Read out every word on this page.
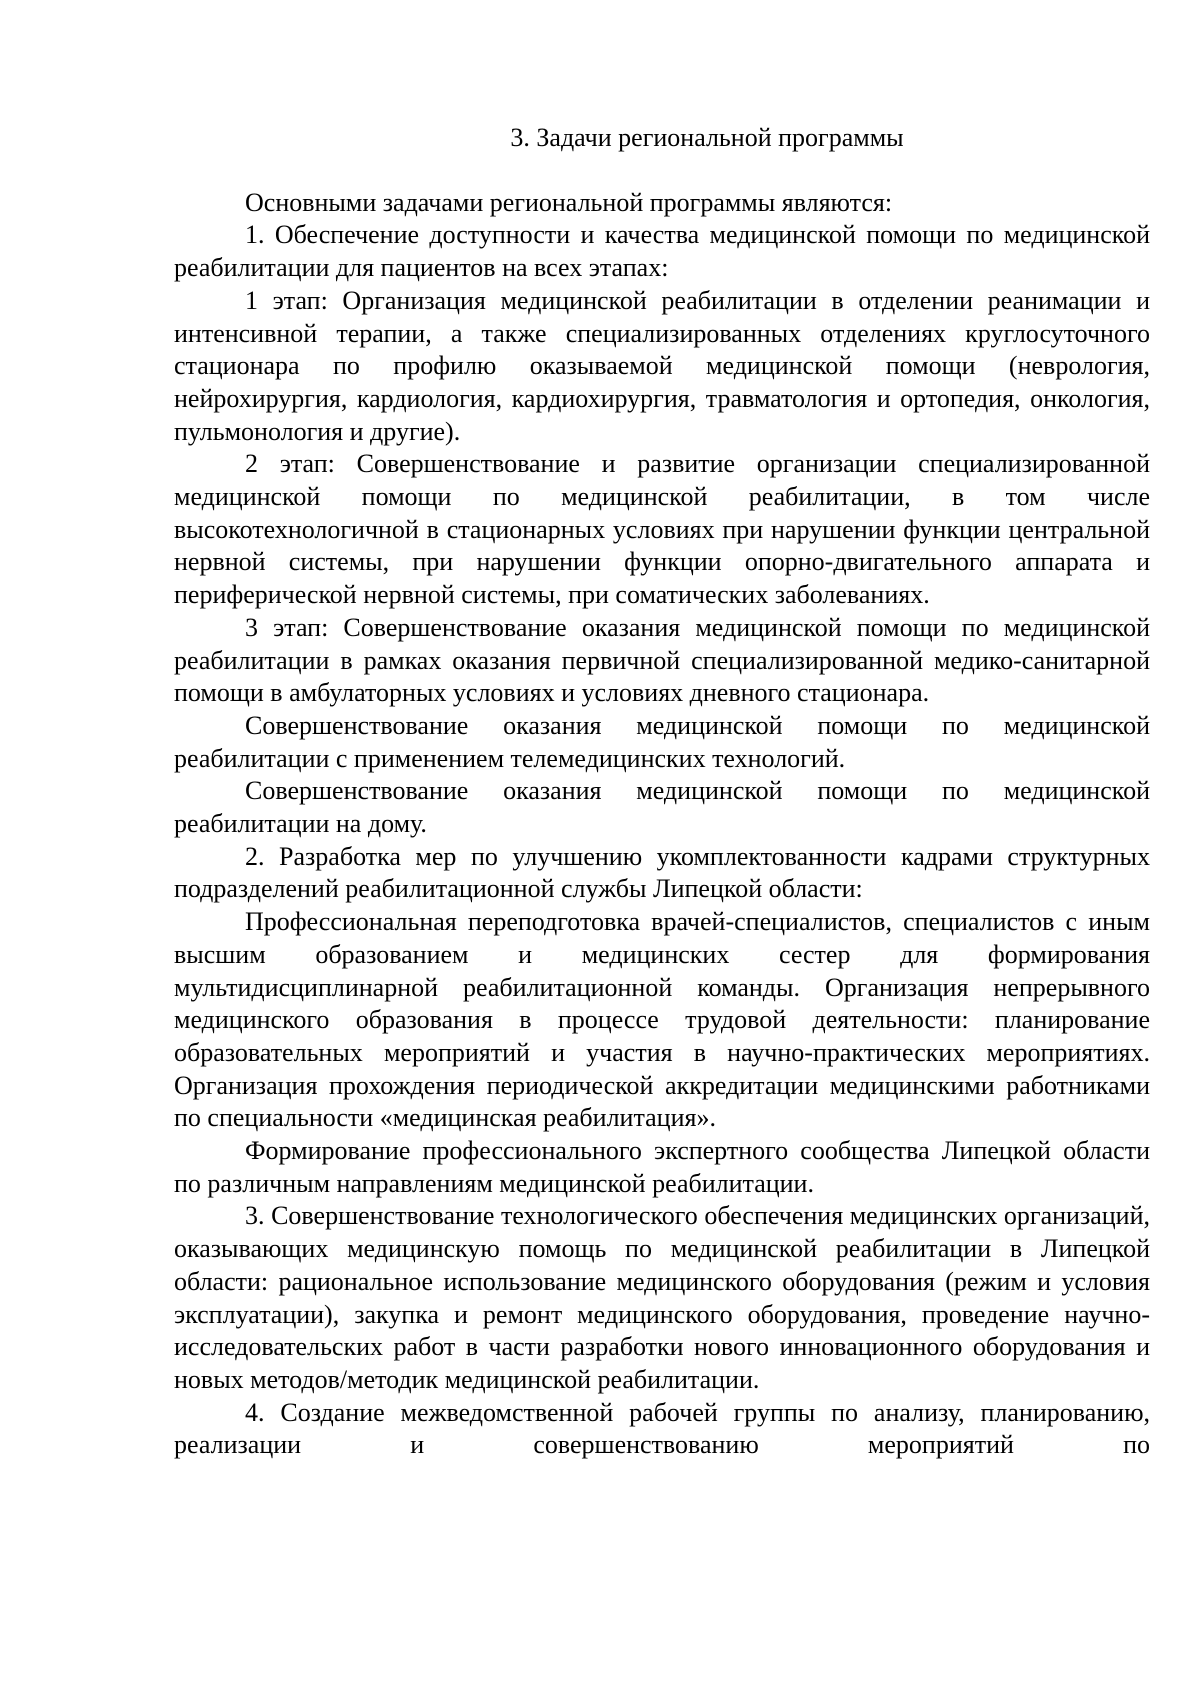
3. Задачи региональной программы

Основными задачами региональной программы являются:

1. Обеспечение доступности и качества медицинской помощи по медицинской реабилитации для пациентов на всех этапах:

1 этап: Организация медицинской реабилитации в отделении реанимации и интенсивной терапии, а также специализированных отделениях круглосуточного стационара по профилю оказываемой медицинской помощи (неврология, нейрохирургия, кардиология, кардиохирургия, травматология и ортопедия, онкология, пульмонология и другие).

2 этап: Совершенствование и развитие организации специализированной медицинской помощи по медицинской реабилитации, в том числе высокотехнологичной в стационарных условиях при нарушении функции центральной нервной системы, при нарушении функции опорно-двигательного аппарата и периферической нервной системы, при соматических заболеваниях.

3 этап: Совершенствование оказания медицинской помощи по медицинской реабилитации в рамках оказания первичной специализированной медико-санитарной помощи в амбулаторных условиях и условиях дневного стационара.

Совершенствование оказания медицинской помощи по медицинской реабилитации с применением телемедицинских технологий.

Совершенствование оказания медицинской помощи по медицинской реабилитации на дому.

2. Разработка мер по улучшению укомплектованности кадрами структурных подразделений реабилитационной службы Липецкой области:

Профессиональная переподготовка врачей-специалистов, специалистов с иным высшим образованием и медицинских сестер для формирования мультидисциплинарной реабилитационной команды. Организация непрерывного медицинского образования в процессе трудовой деятельности: планирование образовательных мероприятий и участия в научно-практических мероприятиях. Организация прохождения периодической аккредитации медицинскими работниками по специальности «медицинская реабилитация».

Формирование профессионального экспертного сообщества Липецкой области по различным направлениям медицинской реабилитации.

3. Совершенствование технологического обеспечения медицинских организаций, оказывающих медицинскую помощь по медицинской реабилитации в Липецкой области: рациональное использование медицинского оборудования (режим и условия эксплуатации), закупка и ремонт медицинского оборудования, проведение научно-исследовательских работ в части разработки нового инновационного оборудования и новых методов/методик медицинской реабилитации.

4. Создание межведомственной рабочей группы по анализу, планированию, реализации и совершенствованию мероприятий по
